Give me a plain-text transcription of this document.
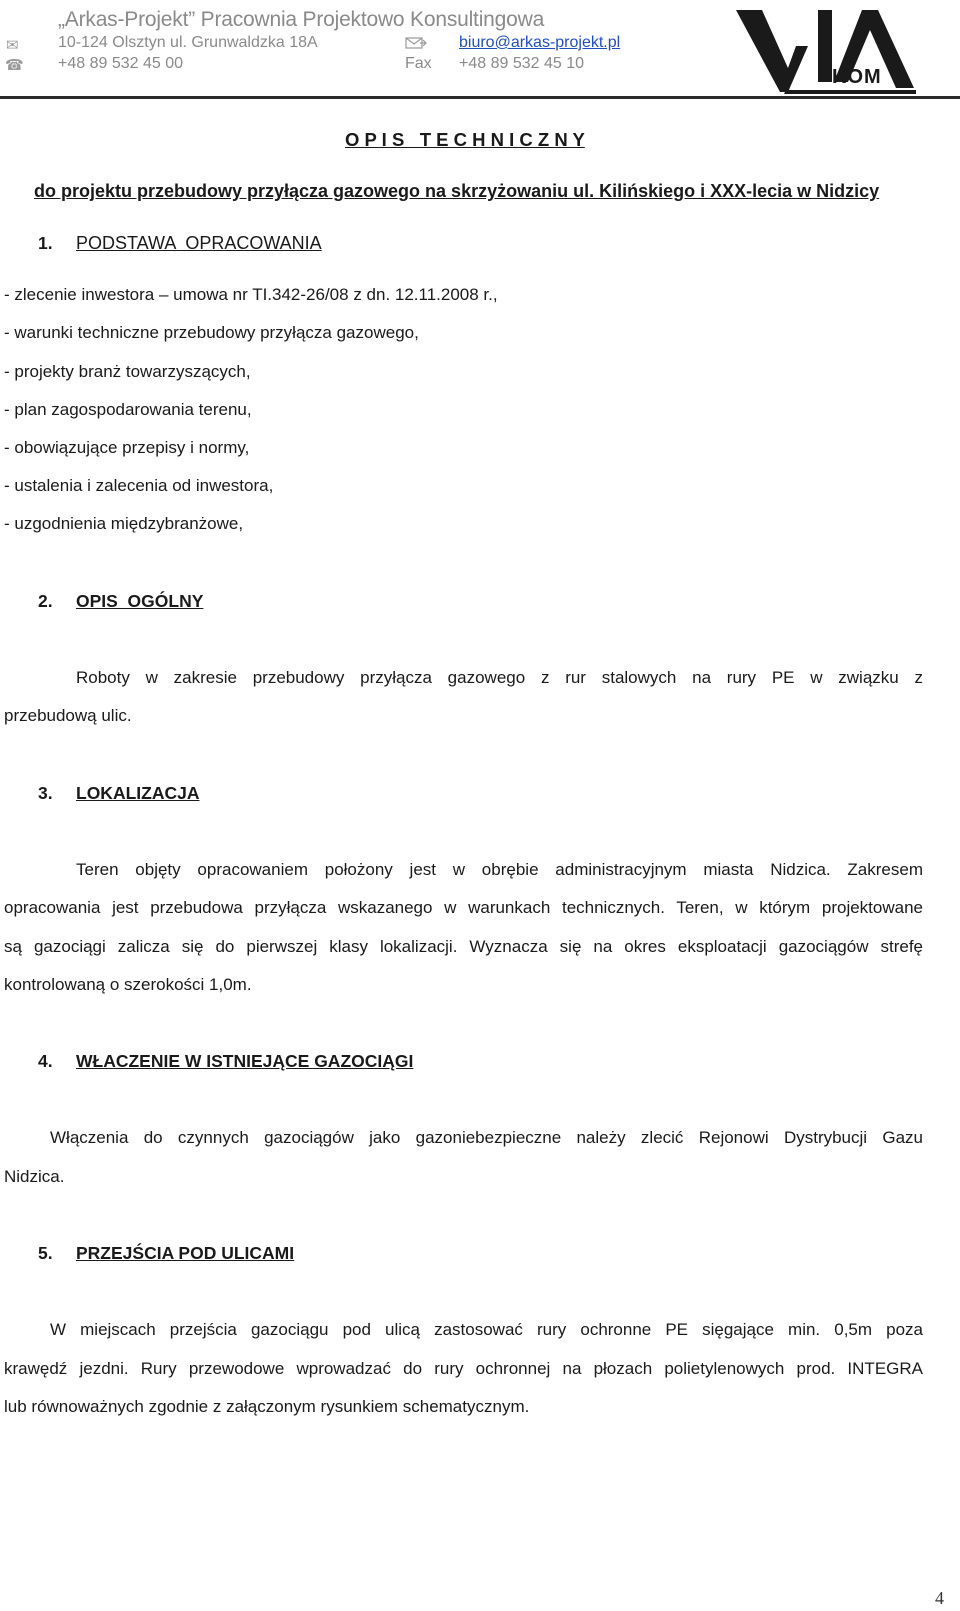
„Arkas-Projekt” Pracownia Projektowo Konsultingowa
✉ 10-124 Olsztyn ul. Grunwaldzka 18A	biuro@arkas-projekt.pl
☎ +48 89 532 45 00	Fax +48 89 532 45 10
KOM
O P I S   T E C H N I C Z N Y
do projektu przebudowy przyłącza gazowego na skrzyżowaniu ul. Kilińskiego i XXX-lecia w Nidzicy
1. PODSTAWA  OPRACOWANIA
- zlecenie inwestora – umowa nr TI.342-26/08 z dn. 12.11.2008 r.,
- warunki techniczne przebudowy przyłącza gazowego,
- projekty branż towarzyszących,
- plan zagospodarowania terenu,
- obowiązujące przepisy i normy,
- ustalenia i zalecenia od inwestora,
- uzgodnienia międzybranżowe,
2. OPIS  OGÓLNY
Roboty w zakresie przebudowy przyłącza gazowego z rur stalowych na rury PE w związku z
przebudową ulic.
3. LOKALIZACJA
Teren objęty opracowaniem położony jest w obrębie administracyjnym miasta Nidzica. Zakresem
opracowania jest przebudowa przyłącza wskazanego w warunkach technicznych. Teren, w którym projektowane
są gazociągi zalicza się do pierwszej klasy lokalizacji. Wyznacza się na okres eksploatacji gazociągów strefę
kontrolowaną o szerokości 1,0m.
4. WŁACZENIE W ISTNIEJĄCE GAZOCIĄGI
Włączenia do czynnych gazociągów jako gazoniebezpieczne należy zlecić Rejonowi Dystrybucji Gazu
Nidzica.
5. PRZEJŚCIA POD ULICAMI
W miejscach przejścia gazociągu pod ulicą zastosować rury ochronne PE sięgające min. 0,5m poza
krawędź jezdni. Rury przewodowe wprowadzać do rury ochronnej na płozach polietylenowych prod. INTEGRA
lub równoważnych zgodnie z załączonym rysunkiem schematycznym.
4
